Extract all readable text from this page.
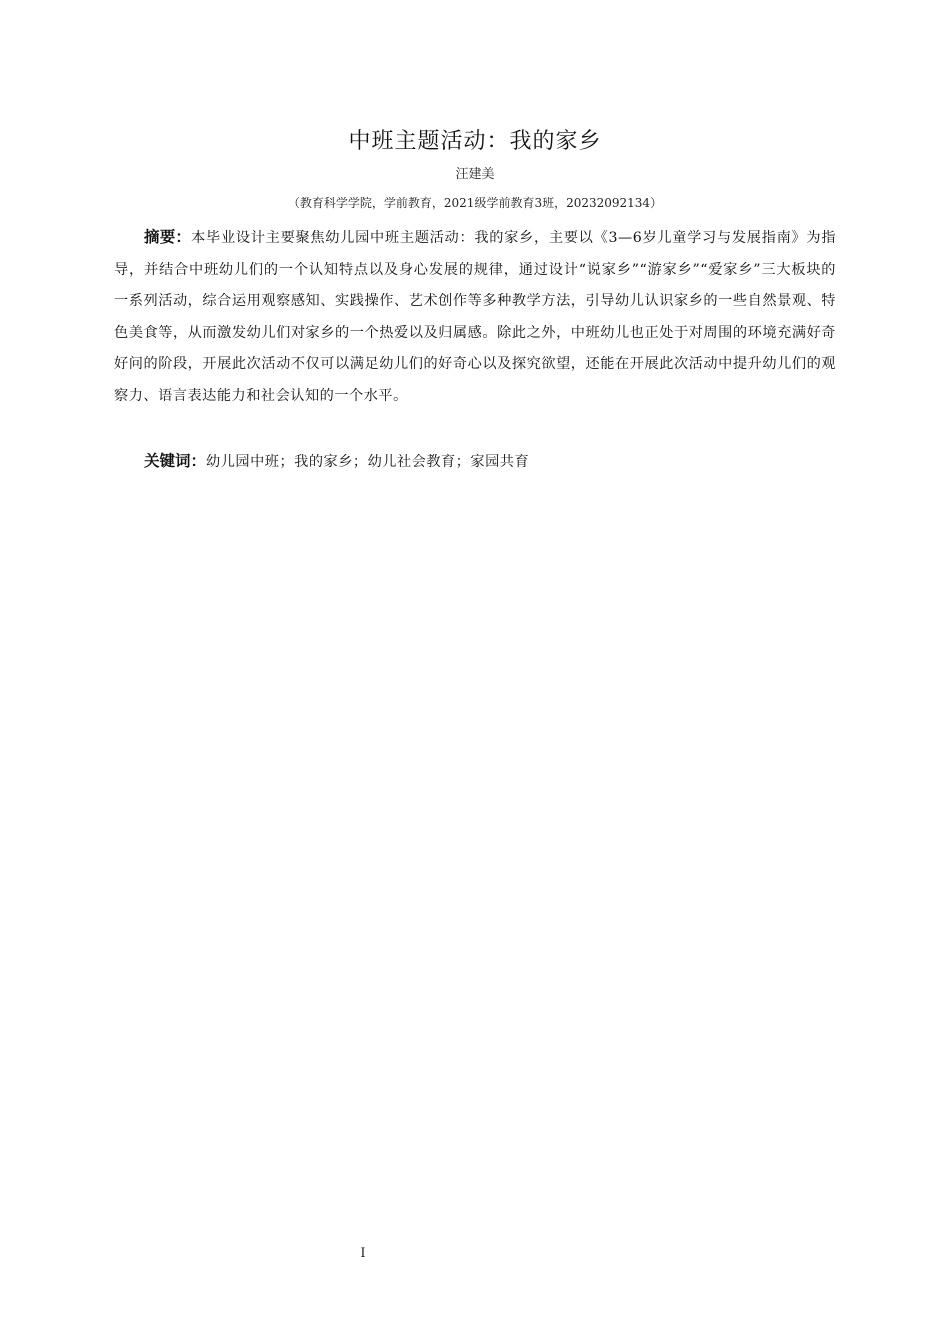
中班主题活动：我的家乡
汪建美
（教育科学学院，学前教育，2021级学前教育3班，20232092134）

摘要：本毕业设计主要聚焦幼儿园中班主题活动：我的家乡，主要以《3—6岁儿童学习与发展指南》为指导，并结合中班幼儿们的一个认知特点以及身心发展的规律，通过设计“说家乡”“游家乡”“爱家乡”三大板块的一系列活动，综合运用观察感知、实践操作、艺术创作等多种教学方法，引导幼儿认识家乡的一些自然景观、特色美食等，从而激发幼儿们对家乡的一个热爱以及归属感。除此之外，中班幼儿也正处于对周围的环境充满好奇好问的阶段，开展此次活动不仅可以满足幼儿们的好奇心以及探究欲望，还能在开展此次活动中提升幼儿们的观察力、语言表达能力和社会认知的一个水平。

关键词：幼儿园中班；我的家乡；幼儿社会教育；家园共育

I
